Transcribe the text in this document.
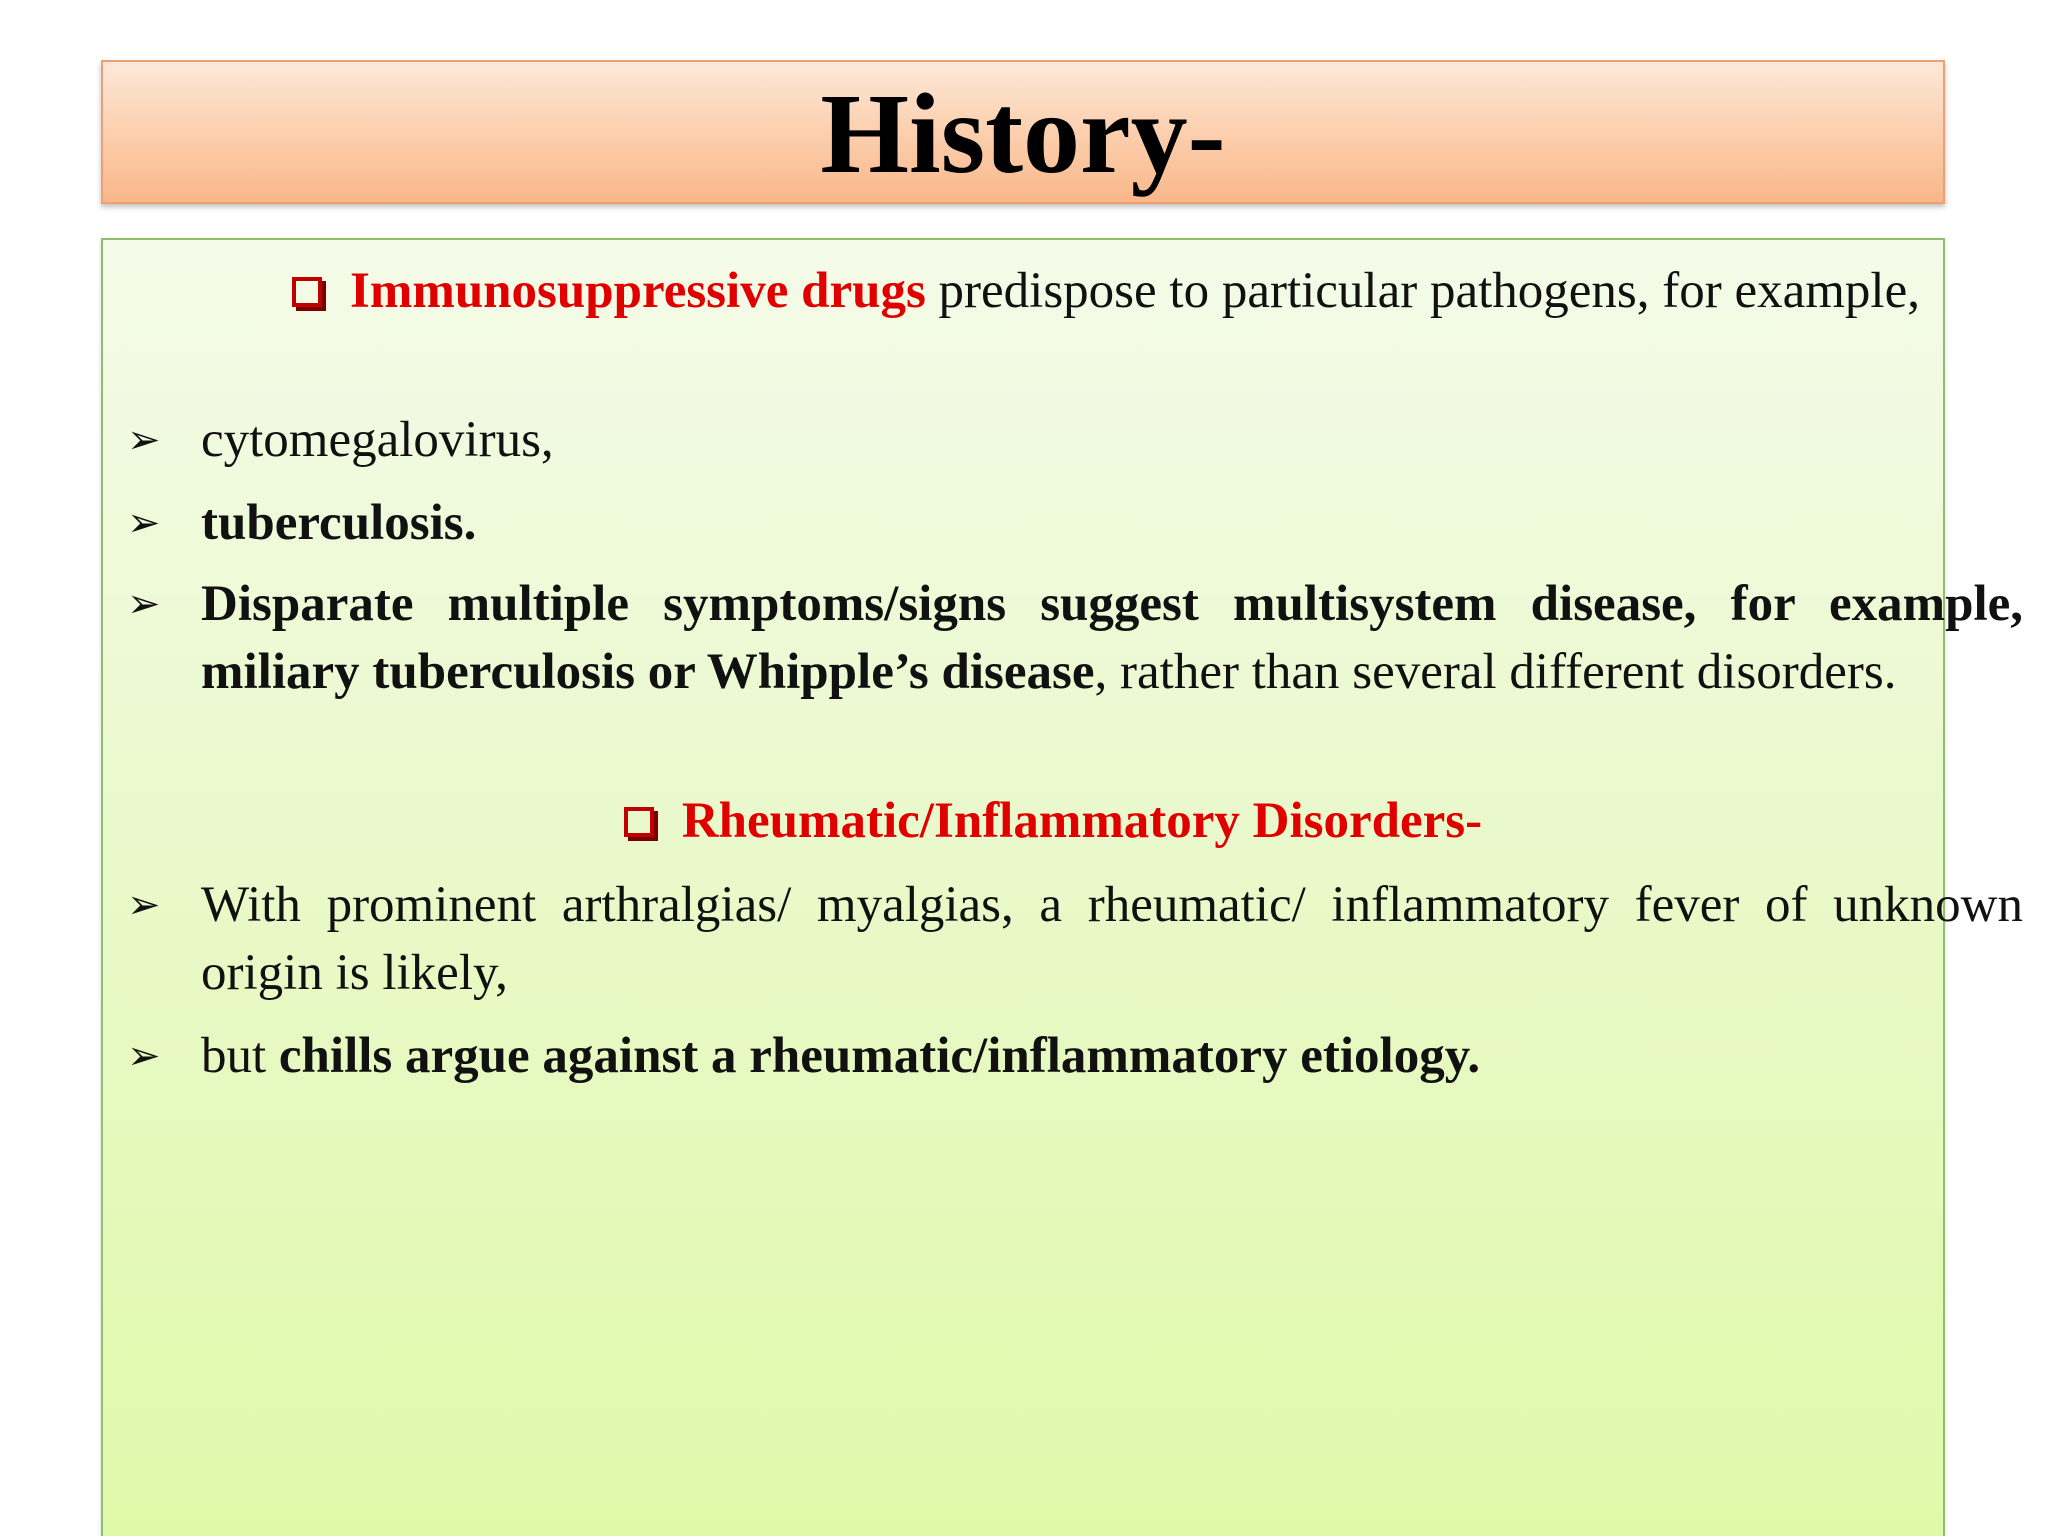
History-
Immunosuppressive drugs predispose to particular pathogens, for example,
➢ cytomegalovirus,
➢ tuberculosis.
➢ Disparate multiple symptoms/signs suggest multisystem disease, for example, miliary tuberculosis or Whipple’s disease, rather than several different disorders.
Rheumatic/Inflammatory Disorders-
➢ With prominent arthralgias/ myalgias, a rheumatic/ inflammatory fever of unknown origin is likely,
➢ but chills argue against a rheumatic/inflammatory etiology.
